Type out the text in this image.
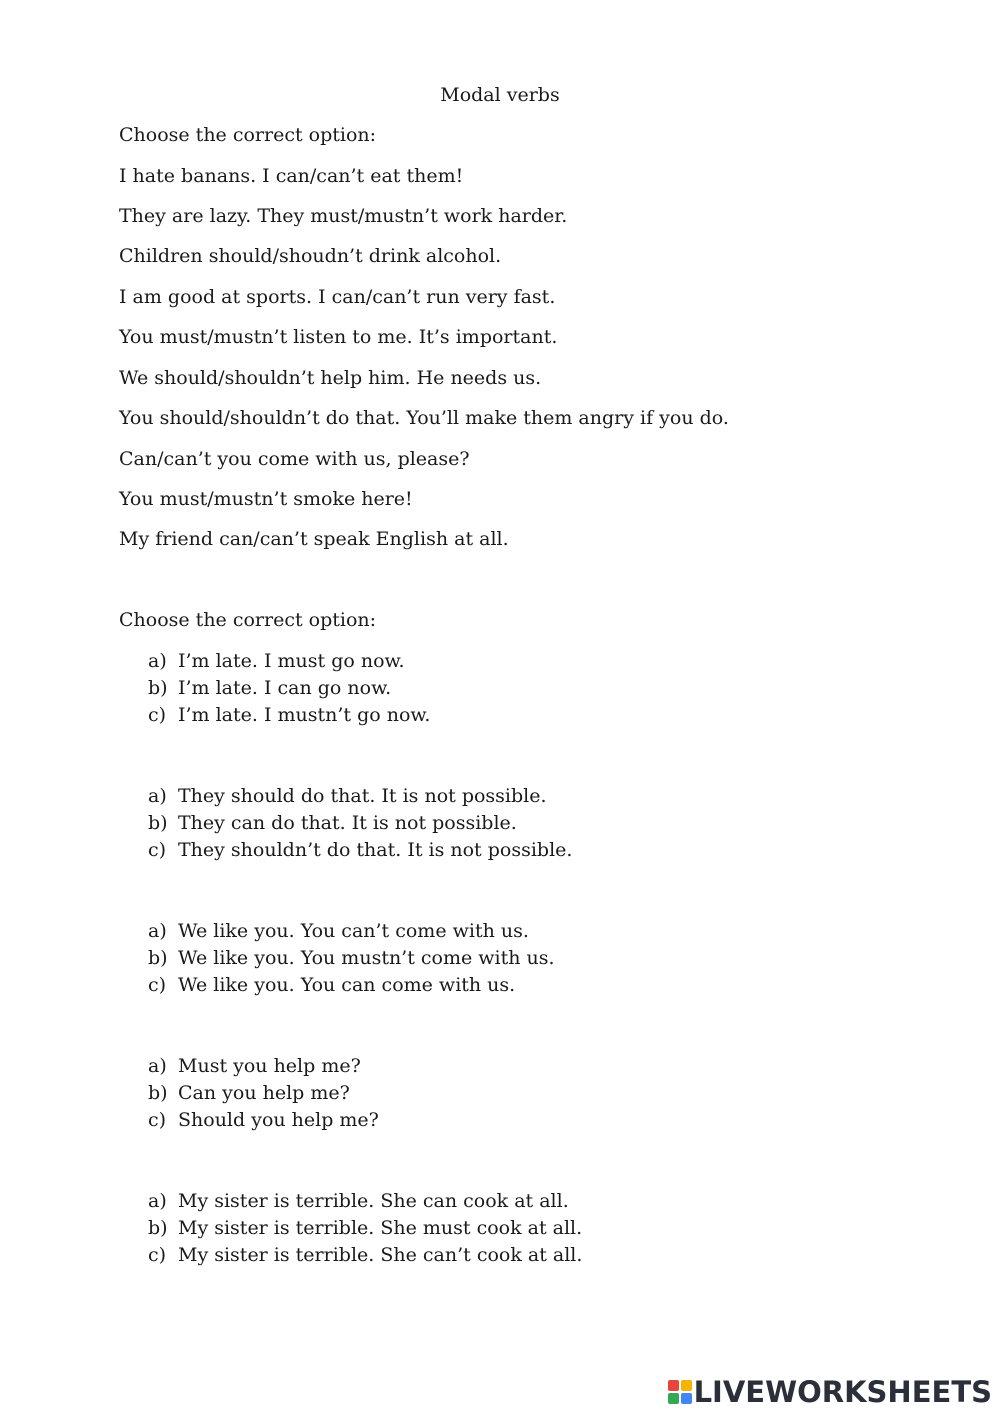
Modal verbs
Choose the correct option:
I hate banans. I can/can’t eat them!
They are lazy. They must/mustn’t work harder.
Children should/shoudn’t drink alcohol.
I am good at sports. I can/can’t run very fast.
You must/mustn’t listen to me. It’s important.
We should/shouldn’t help him. He needs us.
You should/shouldn’t do that. You’ll make them angry if you do.
Can/can’t you come with us, please?
You must/mustn’t smoke here!
My friend can/can’t speak English at all.
Choose the correct option:
a) I’m late. I must go now.
b) I’m late. I can go now.
c) I’m late. I mustn’t go now.
a) They should do that. It is not possible.
b) They can do that. It is not possible.
c) They shouldn’t do that. It is not possible.
a) We like you. You can’t come with us.
b) We like you. You mustn’t come with us.
c) We like you. You can come with us.
a) Must you help me?
b) Can you help me?
c) Should you help me?
a) My sister is terrible. She can cook at all.
b) My sister is terrible. She must cook at all.
c) My sister is terrible. She can’t cook at all.
LIVEWORKSHEETS
